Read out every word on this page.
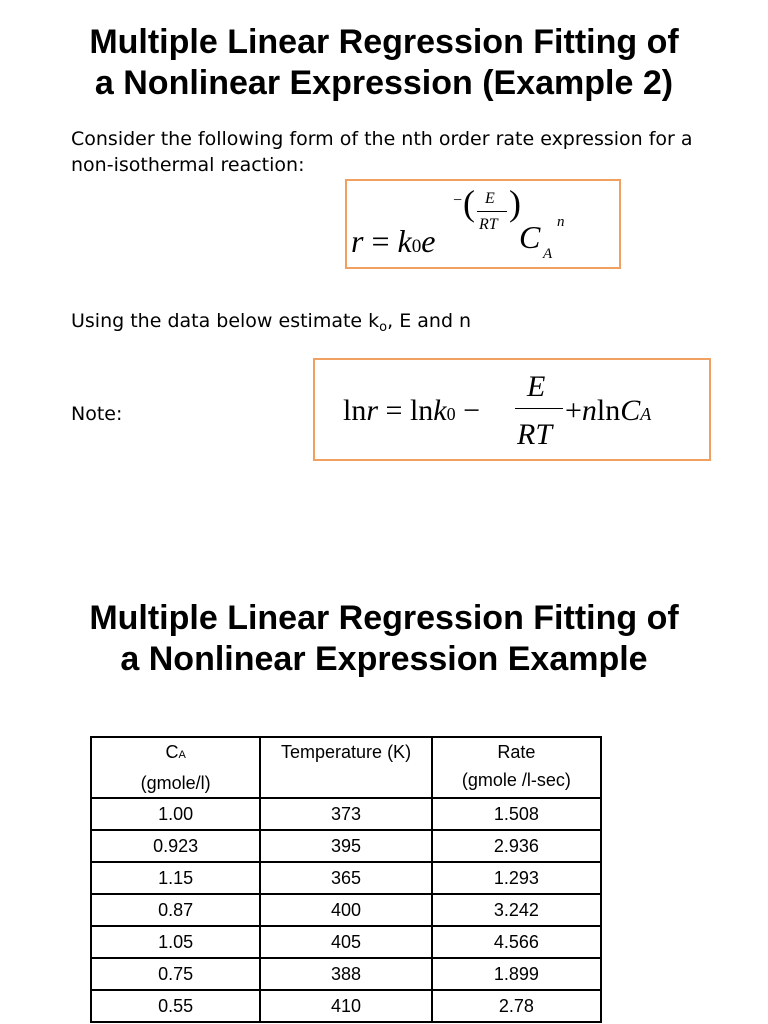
Multiple Linear Regression Fitting of
a Nonlinear Expression (Example 2)

Consider the following form of the nth order rate expression for a
non-isothermal reaction:

r = k0e
− ( E
RT
)
C A
n

Using the data below estimate $k_o$, E and n

Note:	lnr = lnk0 −
E
RT
+nlnCA
Multiple Linear Regression Fitting of
a Nonlinear Expression Example
CA
(gmole/l)	Temperature (K)	Rate
(gmole /l-sec)
1.00	373	1.508
0.923	395	2.936
1.15	365	1.293
0.87	400	3.242
1.05	405	4.566
0.75	388	1.899
0.55	410	2.78
